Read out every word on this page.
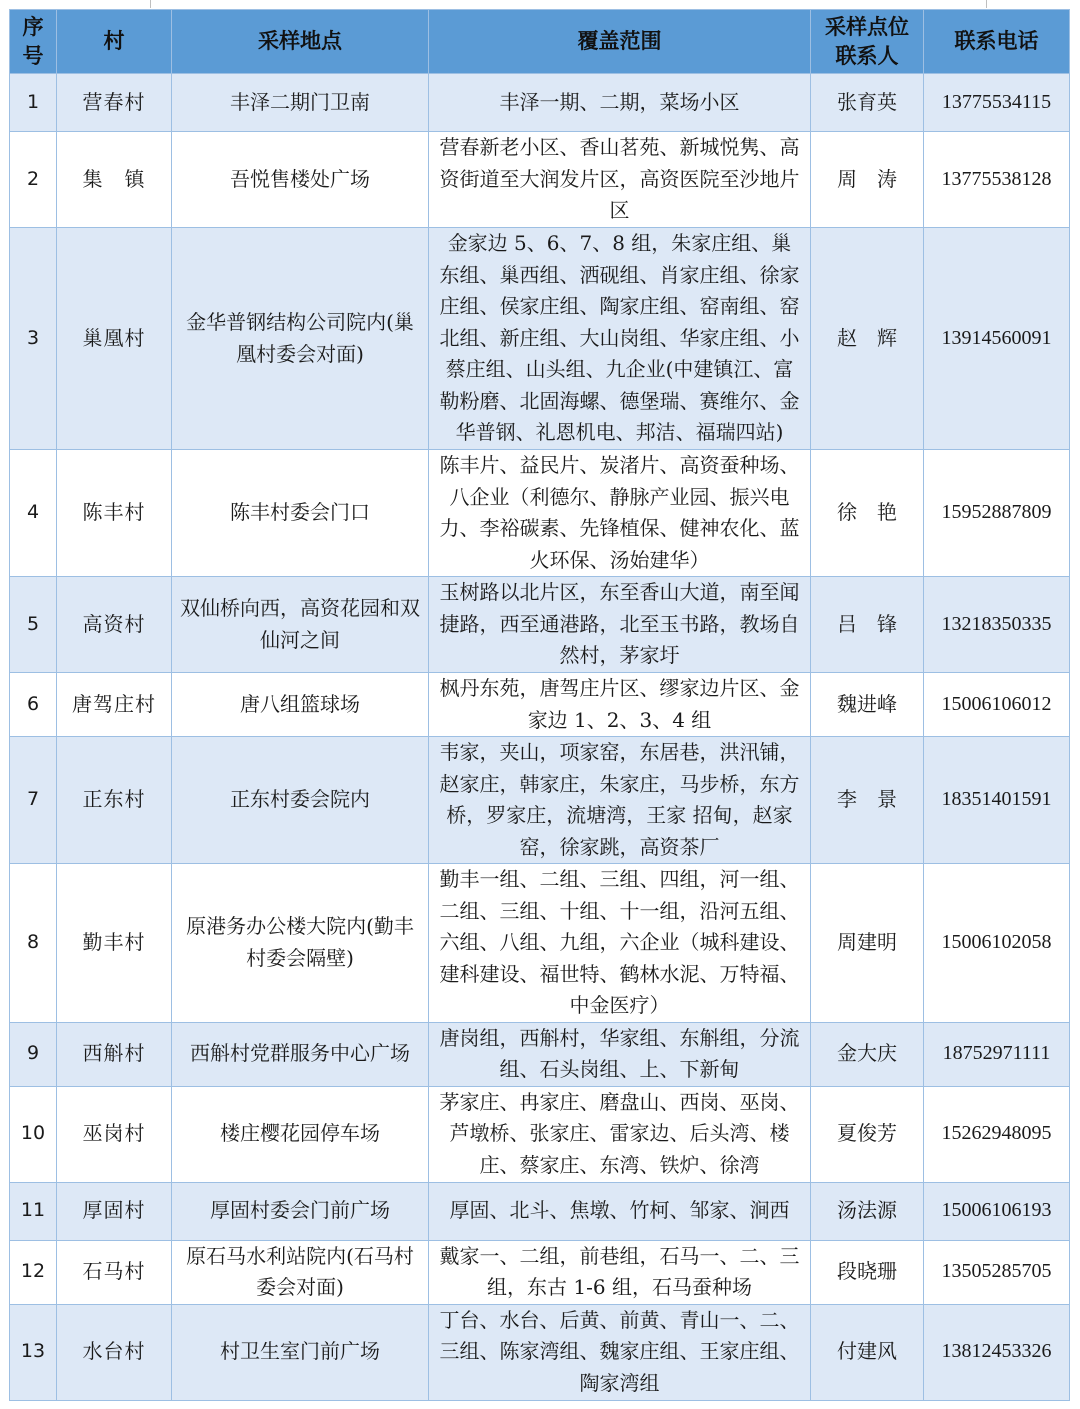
序号	村	采样地点	覆盖范围	采样点位联系人	联系电话
1	营春村	丰泽二期门卫南	丰泽一期、二期，菜场小区	张育英	13775534115
2	集　镇	吾悦售楼处广场	营春新老小区、香山茗苑、新城悦隽、高资街道至大润发片区，高资医院至沙地片区	周　涛	13775538128
3	巢凰村	金华普钢结构公司院内(巢凰村委会对面)	金家边 5、6、7、8 组，朱家庄组、巢东组、巢西组、洒砚组、肖家庄组、徐家庄组、侯家庄组、陶家庄组、窑南组、窑北组、新庄组、大山岗组、华家庄组、小蔡庄组、山头组、九企业(中建镇江、富勒粉磨、北固海螺、德堡瑞、赛维尔、金华普钢、礼恩机电、邦洁、福瑞四站)	赵　辉	13914560091
4	陈丰村	陈丰村委会门口	陈丰片、益民片、炭渚片、高资蚕种场、八企业（利德尔、静脉产业园、振兴电力、李裕碳素、先锋植保、健神农化、蓝火环保、汤始建华）	徐　艳	15952887809
5	高资村	双仙桥向西，高资花园和双仙河之间	玉树路以北片区，东至香山大道，南至闻捷路，西至通港路，北至玉书路，教场自然村，茅家圩	吕　锋	13218350335
6	唐驾庄村	唐八组篮球场	枫丹东苑，唐驾庄片区、缪家边片区、金家边 1、2、3、4 组	魏进峰	15006106012
7	正东村	正东村委会院内	韦家，夹山，项家窑，东居巷，洪汛铺，赵家庄，韩家庄，朱家庄，马步桥，东方桥，罗家庄，流塘湾，王家 招甸，赵家窑，徐家跳，高资茶厂	李　景	18351401591
8	勤丰村	原港务办公楼大院内(勤丰村委会隔壁)	勤丰一组、二组、三组、四组，河一组、二组、三组、十组、十一组，沿河五组、六组、八组、九组，六企业（城科建设、建科建设、福世特、鹤林水泥、万特福、中金医疗）	周建明	15006102058
9	西斛村	西斛村党群服务中心广场	唐岗组，西斛村，华家组、东斛组，分流组、石头岗组、上、下新甸	金大庆	18752971111
10	巫岗村	楼庄樱花园停车场	茅家庄、冉家庄、磨盘山、西岗、巫岗、芦墩桥、张家庄、雷家边、后头湾、楼庄、蔡家庄、东湾、铁炉、徐湾	夏俊芳	15262948095
11	厚固村	厚固村委会门前广场	厚固、北斗、焦墩、竹柯、邹家、涧西	汤法源	15006106193
12	石马村	原石马水利站院内(石马村委会对面)	戴家一、二组，前巷组，石马一、二、三组，东古 1-6 组，石马蚕种场	段晓珊	13505285705
13	水台村	村卫生室门前广场	丁台、水台、后黄、前黄、青山一、二、三组、陈家湾组、魏家庄组、王家庄组、陶家湾组	付建风	13812453326
